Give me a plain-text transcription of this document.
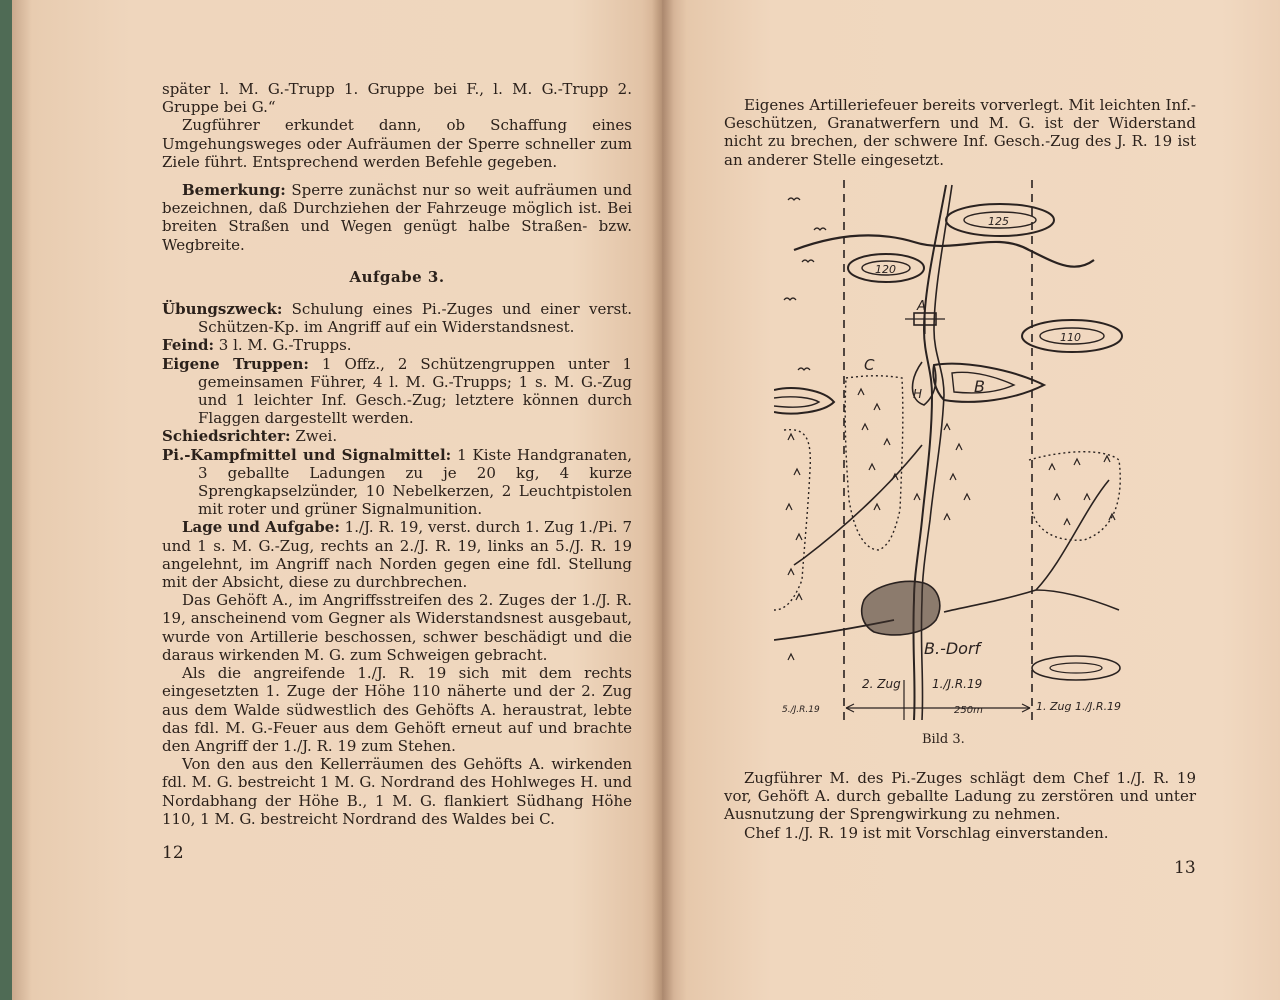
später l. M. G.-Trupp 1. Gruppe bei F., l. M. G.-Trupp 2. Gruppe bei G.“

Zugführer erkundet dann, ob Schaffung eines Umgehungsweges oder Aufräumen der Sperre schneller zum Ziele führt. Entsprechend werden Befehle gegeben.

Bemerkung: Sperre zunächst nur so weit aufräumen und bezeichnen, daß Durchziehen der Fahrzeuge möglich ist. Bei breiten Straßen und Wegen genügt halbe Straßen- bzw. Wegbreite.

Aufgabe 3.

Übungszweck: Schulung eines Pi.-Zuges und einer verst. Schützen-Kp. im Angriff auf ein Widerstandsnest.

Feind: 3 l. M. G.-Trupps.

Eigene Truppen: 1 Offz., 2 Schützengruppen unter 1 gemeinsamen Führer, 4 l. M. G.-Trupps; 1 s. M. G.-Zug und 1 leichter Inf. Gesch.-Zug; letztere können durch Flaggen dargestellt werden.

Schiedsrichter: Zwei.

Pi.-Kampfmittel und Signalmittel: 1 Kiste Handgranaten, 3 geballte Ladungen zu je 20 kg, 4 kurze Sprengkapselzünder, 10 Nebelkerzen, 2 Leuchtpistolen mit roter und grüner Signalmunition.

Lage und Aufgabe: 1./J. R. 19, verst. durch 1. Zug 1./Pi. 7 und 1 s. M. G.-Zug, rechts an 2./J. R. 19, links an 5./J. R. 19 angelehnt, im Angriff nach Norden gegen eine fdl. Stellung mit der Absicht, diese zu durchbrechen.

Das Gehöft A., im Angriffsstreifen des 2. Zuges der 1./J. R. 19, anscheinend vom Gegner als Widerstandsnest ausgebaut, wurde von Artillerie beschossen, schwer beschädigt und die daraus wirkenden M. G. zum Schweigen gebracht.

Als die angreifende 1./J. R. 19 sich mit dem rechts eingesetzten 1. Zuge der Höhe 110 näherte und der 2. Zug aus dem Walde südwestlich des Gehöfts A. heraustrat, lebte das fdl. M. G.-Feuer aus dem Gehöft erneut auf und brachte den Angriff der 1./J. R. 19 zum Stehen.

Von den aus den Kellerräumen des Gehöfts A. wirkenden fdl. M. G. bestreicht 1 M. G. Nordrand des Hohlweges H. und Nordabhang der Höhe B., 1 M. G. flankiert Südhang Höhe 110, 1 M. G. bestreicht Nordrand des Waldes bei C.

12

Eigenes Artilleriefeuer bereits vorverlegt. Mit leichten Inf.-Geschützen, Granatwerfern und M. G. ist der Widerstand nicht zu brechen, der schwere Inf. Gesch.-Zug des J. R. 19 ist an anderer Stelle eingesetzt.

125
120
110
A
B
C
H
B.-Dorf
2. Zug	1./J.R.19
1. Zug 1./J.R.19
5./J.R.19	250m
Bild 3.

Zugführer M. des Pi.-Zuges schlägt dem Chef 1./J. R. 19 vor, Gehöft A. durch geballte Ladung zu zerstören und unter Ausnutzung der Sprengwirkung zu nehmen.

Chef 1./J. R. 19 ist mit Vorschlag einverstanden.

13
